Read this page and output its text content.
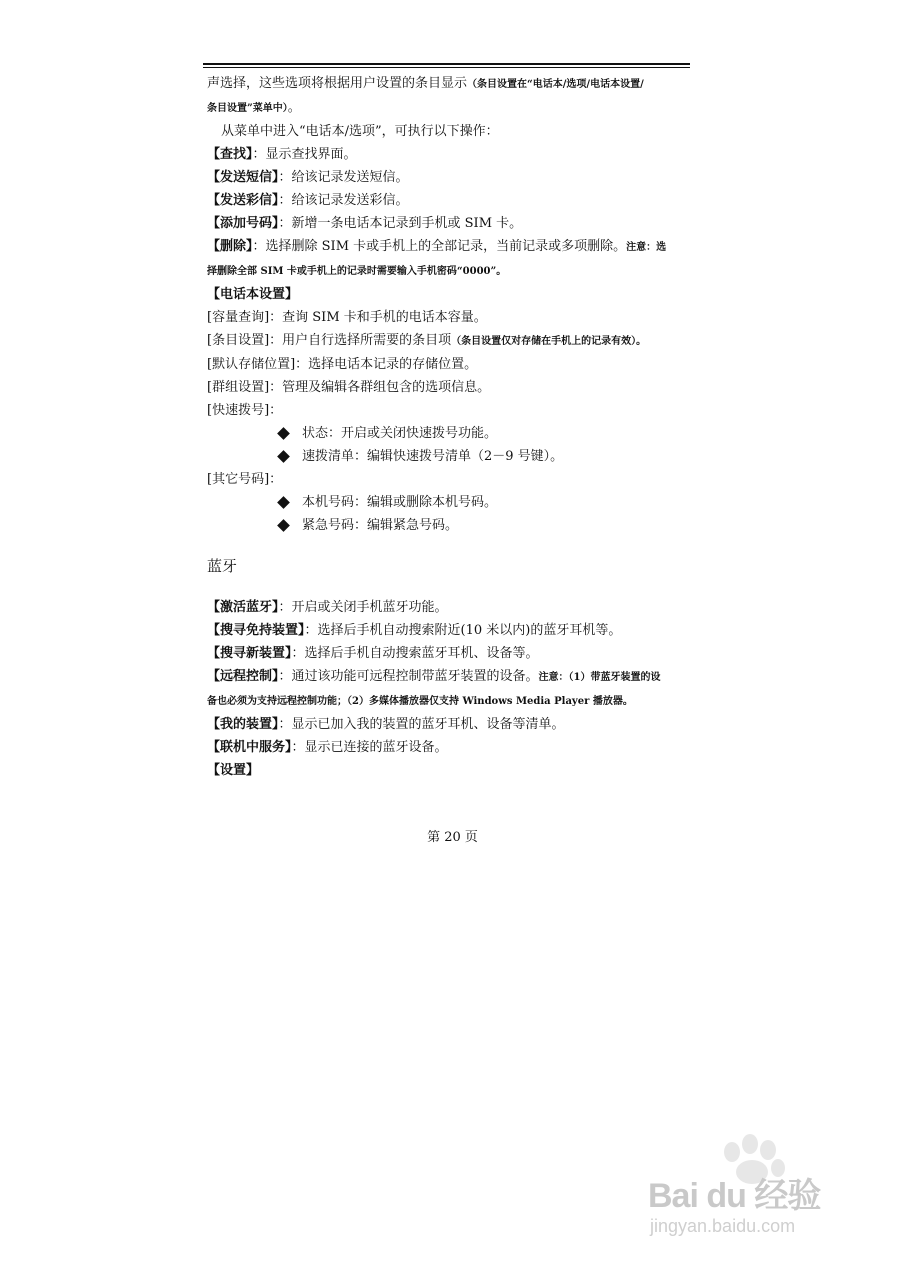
声选择，这些选项将根据用户设置的条目显示（条目设置在“电话本/选项/电话本设置/

条目设置”菜单中）。

从菜单中进入“电话本/选项”，可执行以下操作：

【查找】：显示查找界面。

【发送短信】：给该记录发送短信。

【发送彩信】：给该记录发送彩信。

【添加号码】：新增一条电话本记录到手机或 SIM 卡。

【删除】：选择删除 SIM 卡或手机上的全部记录，当前记录或多项删除。注意：选

择删除全部 SIM 卡或手机上的记录时需要输入手机密码“0000”。

【电话本设置】

[容量查询]：查询 SIM 卡和手机的电话本容量。

[条目设置]：用户自行选择所需要的条目项（条目设置仅对存储在手机上的记录有效）。

[默认存储位置]：选择电话本记录的存储位置。

[群组设置]：管理及编辑各群组包含的选项信息。

[快速拨号]：

状态：开启或关闭快速拨号功能。
速拨清单：编辑快速拨号清单（2－9 号键）。

[其它号码]：

本机号码：编辑或删除本机号码。
紧急号码：编辑紧急号码。

蓝牙

【激活蓝牙】：开启或关闭手机蓝牙功能。

【搜寻免持装置】：选择后手机自动搜索附近(10 米以内)的蓝牙耳机等。

【搜寻新装置】：选择后手机自动搜索蓝牙耳机、设备等。

【远程控制】：通过该功能可远程控制带蓝牙装置的设备。注意：（1）带蓝牙装置的设

备也必须为支持远程控制功能；（2）多媒体播放器仅支持 Windows Media Player 播放器。

【我的装置】：显示已加入我的装置的蓝牙耳机、设备等清单。

【联机中服务】：显示已连接的蓝牙设备。

【设置】

第 20 页
Bai du 经验
jingyan.baidu.com
